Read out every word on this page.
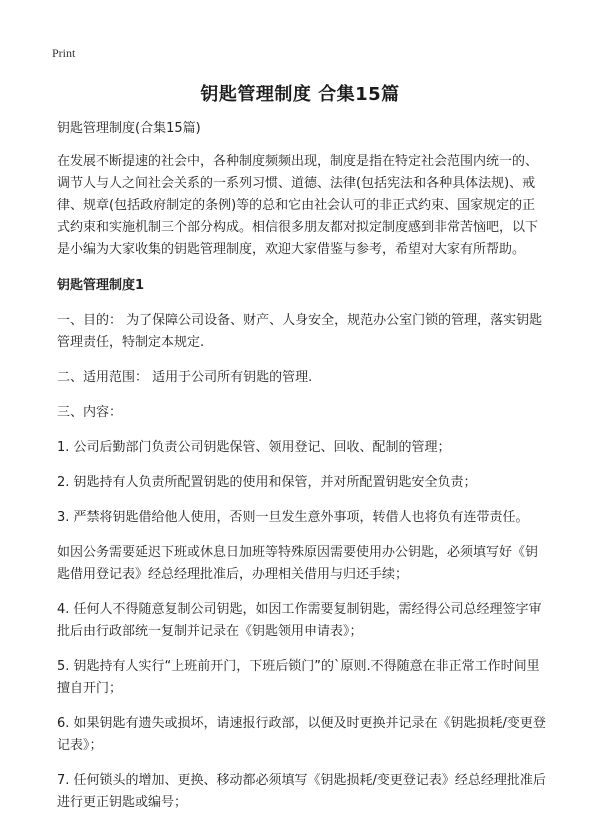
Print
钥匙管理制度 合集15篇

钥匙管理制度(合集15篇)

在发展不断提速的社会中，各种制度频频出现，制度是指在特定社会范围内统一的、调节人与人之间社会关系的一系列习惯、道德、法律(包括宪法和各种具体法规)、戒律、规章(包括政府制定的条例)等的总和它由社会认可的非正式约束、国家规定的正式约束和实施机制三个部分构成。相信很多朋友都对拟定制度感到非常苦恼吧，以下是小编为大家收集的钥匙管理制度，欢迎大家借鉴与参考，希望对大家有所帮助。

钥匙管理制度1

一、目的： 为了保障公司设备、财产、人身安全，规范办公室门锁的管理，落实钥匙管理责任，特制定本规定.

二、适用范围： 适用于公司所有钥匙的管理.

三、内容：

1. 公司后勤部门负责公司钥匙保管、领用登记、回收、配制的管理；

2. 钥匙持有人负责所配置钥匙的使用和保管，并对所配置钥匙安全负责；

3. 严禁将钥匙借给他人使用，否则一旦发生意外事项，转借人也将负有连带责任。

如因公务需要延迟下班或休息日加班等特殊原因需要使用办公钥匙，必须填写好《钥匙借用登记表》经总经理批准后，办理相关借用与归还手续；

4. 任何人不得随意复制公司钥匙，如因工作需要复制钥匙，需经得公司总经理签字审批后由行政部统一复制并记录在《钥匙领用申请表》；

5. 钥匙持有人实行“上班前开门，下班后锁门”的`原则.不得随意在非正常工作时间里擅自开门；

6. 如果钥匙有遗失或损坏，请速报行政部，以便及时更换并记录在《钥匙损耗/变更登记表》；

7. 任何锁头的增加、更换、移动都必须填写《钥匙损耗/变更登记表》经总经理批准后进行更正钥匙或编号；
